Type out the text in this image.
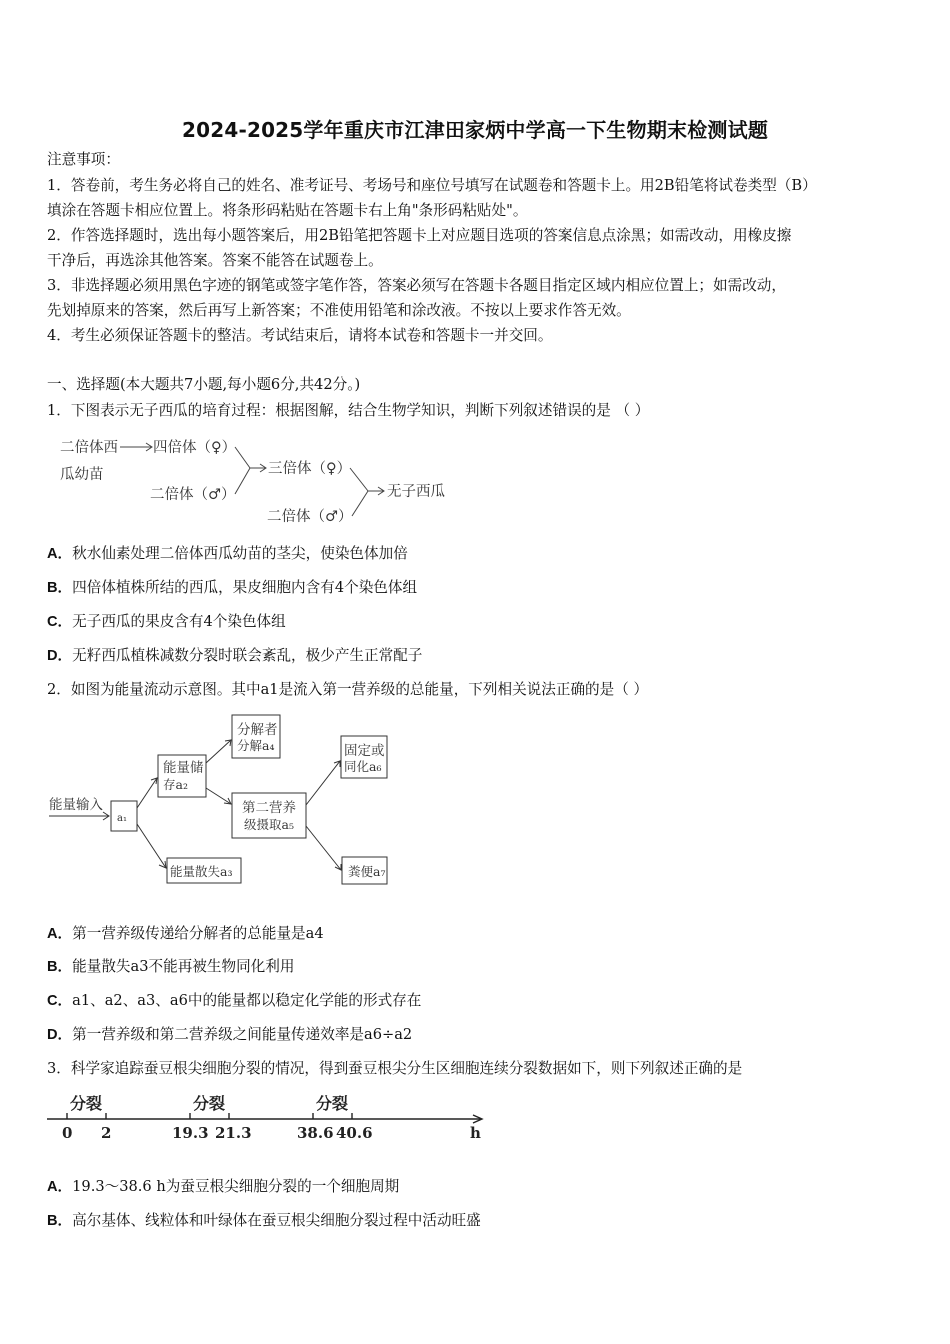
2024-2025学年重庆市江津田家炳中学高一下生物期末检测试题
注意事项：
1．答卷前，考生务必将自己的姓名、准考证号、考场号和座位号填写在试题卷和答题卡上。用2B铅笔将试卷类型（B）
填涂在答题卡相应位置上。将条形码粘贴在答题卡右上角"条形码粘贴处"。
2．作答选择题时，选出每小题答案后，用2B铅笔把答题卡上对应题目选项的答案信息点涂黑；如需改动，用橡皮擦
干净后，再选涂其他答案。答案不能答在试题卷上。
3．非选择题必须用黑色字迹的钢笔或签字笔作答，答案必须写在答题卡各题目指定区域内相应位置上；如需改动，
先划掉原来的答案，然后再写上新答案；不准使用铅笔和涂改液。不按以上要求作答无效。
4．考生必须保证答题卡的整洁。考试结束后，请将本试卷和答题卡一并交回。
一、选择题(本大题共7小题,每小题6分,共42分。)
1．下图表示无子西瓜的培育过程：根据图解，结合生物学知识，判断下列叙述错误的是 （ ）
二倍体西
瓜幼苗
四倍体（♀）
二倍体（♂）
三倍体（♀）
二倍体（♂）
无子西瓜
A．秋水仙素处理二倍体西瓜幼苗的茎尖，使染色体加倍
B．四倍体植株所结的西瓜，果皮细胞内含有4个染色体组
C．无子西瓜的果皮含有4个染色体组
D．无籽西瓜植株减数分裂时联会紊乱，极少产生正常配子
2．如图为能量流动示意图。其中a1是流入第一营养级的总能量，下列相关说法正确的是（ ）
能量输入
a₁
能量储
存a₂
分解者
分解a₄
第二营养
级摄取a₅
能量散失a₃
固定或
同化a₆
粪便a₇
A．第一营养级传递给分解者的总能量是a4
B．能量散失a3不能再被生物同化利用
C．a1、a2、a3、a6中的能量都以稳定化学能的形式存在
D．第一营养级和第二营养级之间能量传递效率是a6÷a2
3．科学家追踪蚕豆根尖细胞分裂的情况，得到蚕豆根尖分生区细胞连续分裂数据如下，则下列叙述正确的是
分裂	分裂	分裂
0 2	19.3 21.3	38.6 40.6	h
A．19.3～38.6 h为蚕豆根尖细胞分裂的一个细胞周期
B．高尔基体、线粒体和叶绿体在蚕豆根尖细胞分裂过程中活动旺盛
